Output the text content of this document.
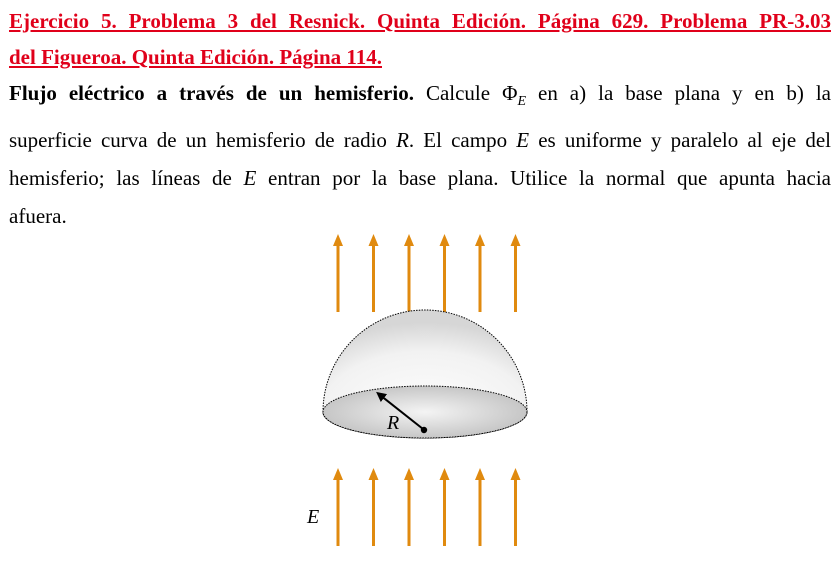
Ejercicio 5. Problema 3 del Resnick. Quinta Edición. Página 629. Problema PR-3.03
del Figueroa. Quinta Edición. Página 114.
Flujo eléctrico a través de un hemisferio. Calcule $\Phi_E$ en a) la base plana y en b) la
superficie curva de un hemisferio de radio R. El campo E es uniforme y paralelo al eje del
hemisferio; las líneas de E entran por la base plana. Utilice la normal que apunta hacia
afuera.
R
E
